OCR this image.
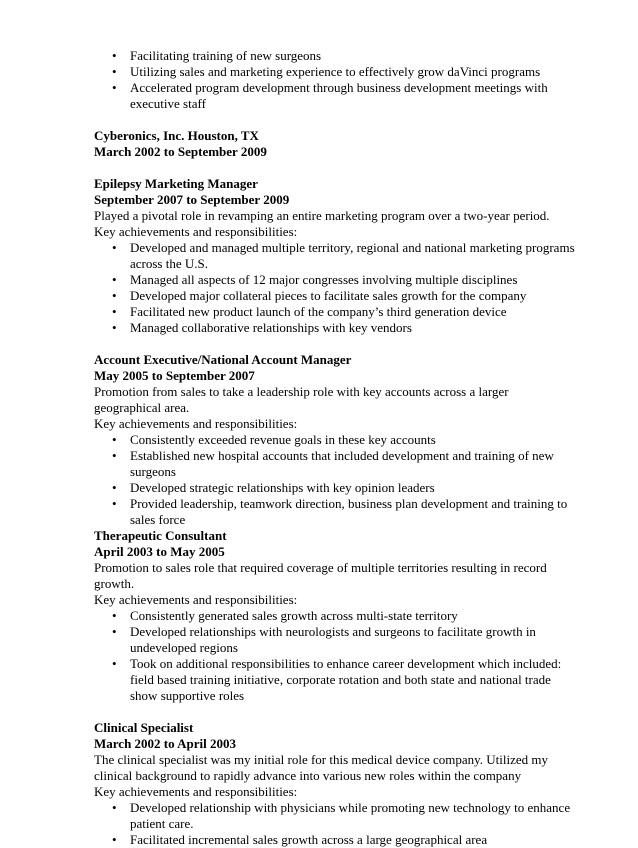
• Facilitating training of new surgeons
• Utilizing sales and marketing experience to effectively grow daVinci programs
• Accelerated program development through business development meetings with executive staff

Cyberonics, Inc. Houston, TX

March 2002 to September 2009

Epilepsy Marketing Manager

September 2007 to September 2009

Played a pivotal role in revamping an entire marketing program over a two-year period.

Key achievements and responsibilities:

• Developed and managed multiple territory, regional and national marketing programs across the U.S.
• Managed all aspects of 12 major congresses involving multiple disciplines
• Developed major collateral pieces to facilitate sales growth for the company
• Facilitated new product launch of the company’s third generation device
• Managed collaborative relationships with key vendors

Account Executive/National Account Manager

May 2005 to September 2007

Promotion from sales to take a leadership role with key accounts across a larger geographical area.

Key achievements and responsibilities:

• Consistently exceeded revenue goals in these key accounts
• Established new hospital accounts that included development and training of new surgeons
• Developed strategic relationships with key opinion leaders
• Provided leadership, teamwork direction, business plan development and training to sales force

Therapeutic Consultant

April 2003 to May 2005

Promotion to sales role that required coverage of multiple territories resulting in record growth.

Key achievements and responsibilities:

• Consistently generated sales growth across multi-state territory
• Developed relationships with neurologists and surgeons to facilitate growth in undeveloped regions
• Took on additional responsibilities to enhance career development which included: field based training initiative, corporate rotation and both state and national trade show supportive roles

Clinical Specialist

March 2002 to April 2003

The clinical specialist was my initial role for this medical device company. Utilized my clinical background to rapidly advance into various new roles within the company

Key achievements and responsibilities:

• Developed relationship with physicians while promoting new technology to enhance patient care.
• Facilitated incremental sales growth across a large geographical area
